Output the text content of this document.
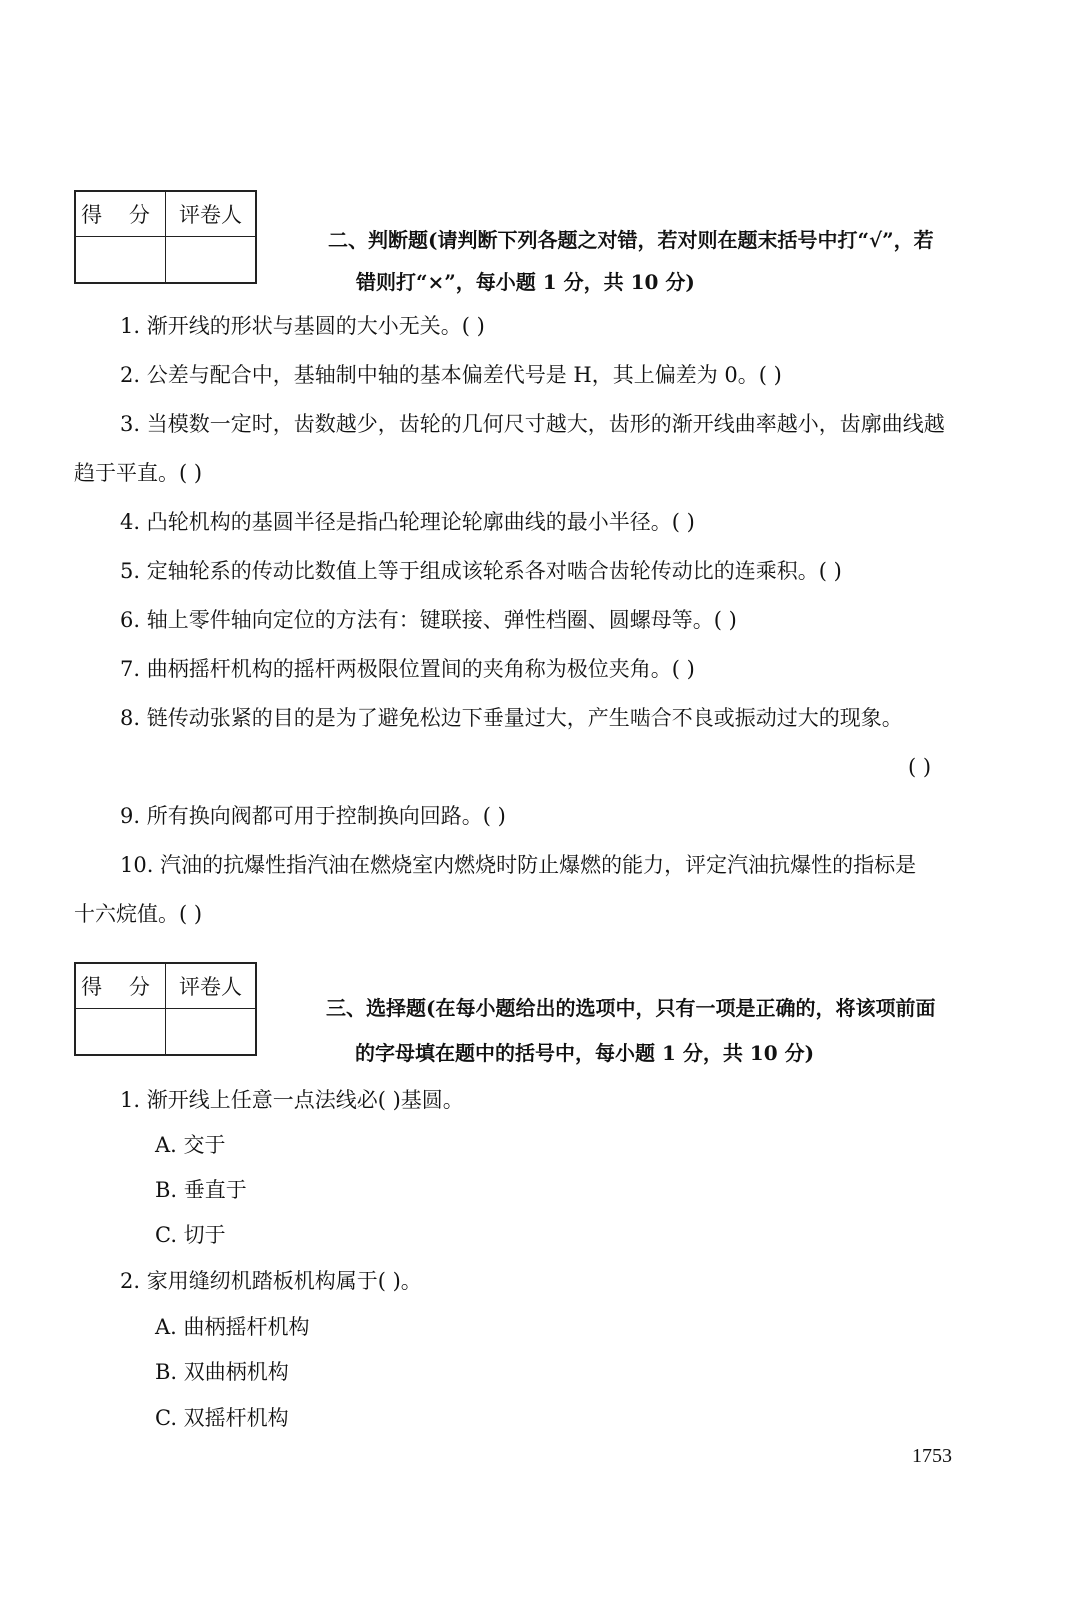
得 分	评卷人

二、判断题(请判断下列各题之对错，若对则在题末括号中打“√”，若
错则打“×”，每小题 1 分，共 10 分)
1. 渐开线的形状与基圆的大小无关。( )
2. 公差与配合中，基轴制中轴的基本偏差代号是 H，其上偏差为 0。( )
3. 当模数一定时，齿数越少，齿轮的几何尺寸越大，齿形的渐开线曲率越小，齿廓曲线越
趋于平直。( )
4. 凸轮机构的基圆半径是指凸轮理论轮廓曲线的最小半径。( )
5. 定轴轮系的传动比数值上等于组成该轮系各对啮合齿轮传动比的连乘积。( )
6. 轴上零件轴向定位的方法有：键联接、弹性档圈、圆螺母等。( )
7. 曲柄摇杆机构的摇杆两极限位置间的夹角称为极位夹角。( )
8. 链传动张紧的目的是为了避免松边下垂量过大，产生啮合不良或振动过大的现象。
( )
9. 所有换向阀都可用于控制换向回路。( )
10. 汽油的抗爆性指汽油在燃烧室内燃烧时防止爆燃的能力，评定汽油抗爆性的指标是
十六烷值。( )
得 分	评卷人

三、选择题(在每小题给出的选项中，只有一项是正确的，将该项前面
的字母填在题中的括号中，每小题 1 分，共 10 分)
1. 渐开线上任意一点法线必( )基圆。
A. 交于
B. 垂直于
C. 切于
2. 家用缝纫机踏板机构属于( )。
A. 曲柄摇杆机构
B. 双曲柄机构
C. 双摇杆机构
1753
